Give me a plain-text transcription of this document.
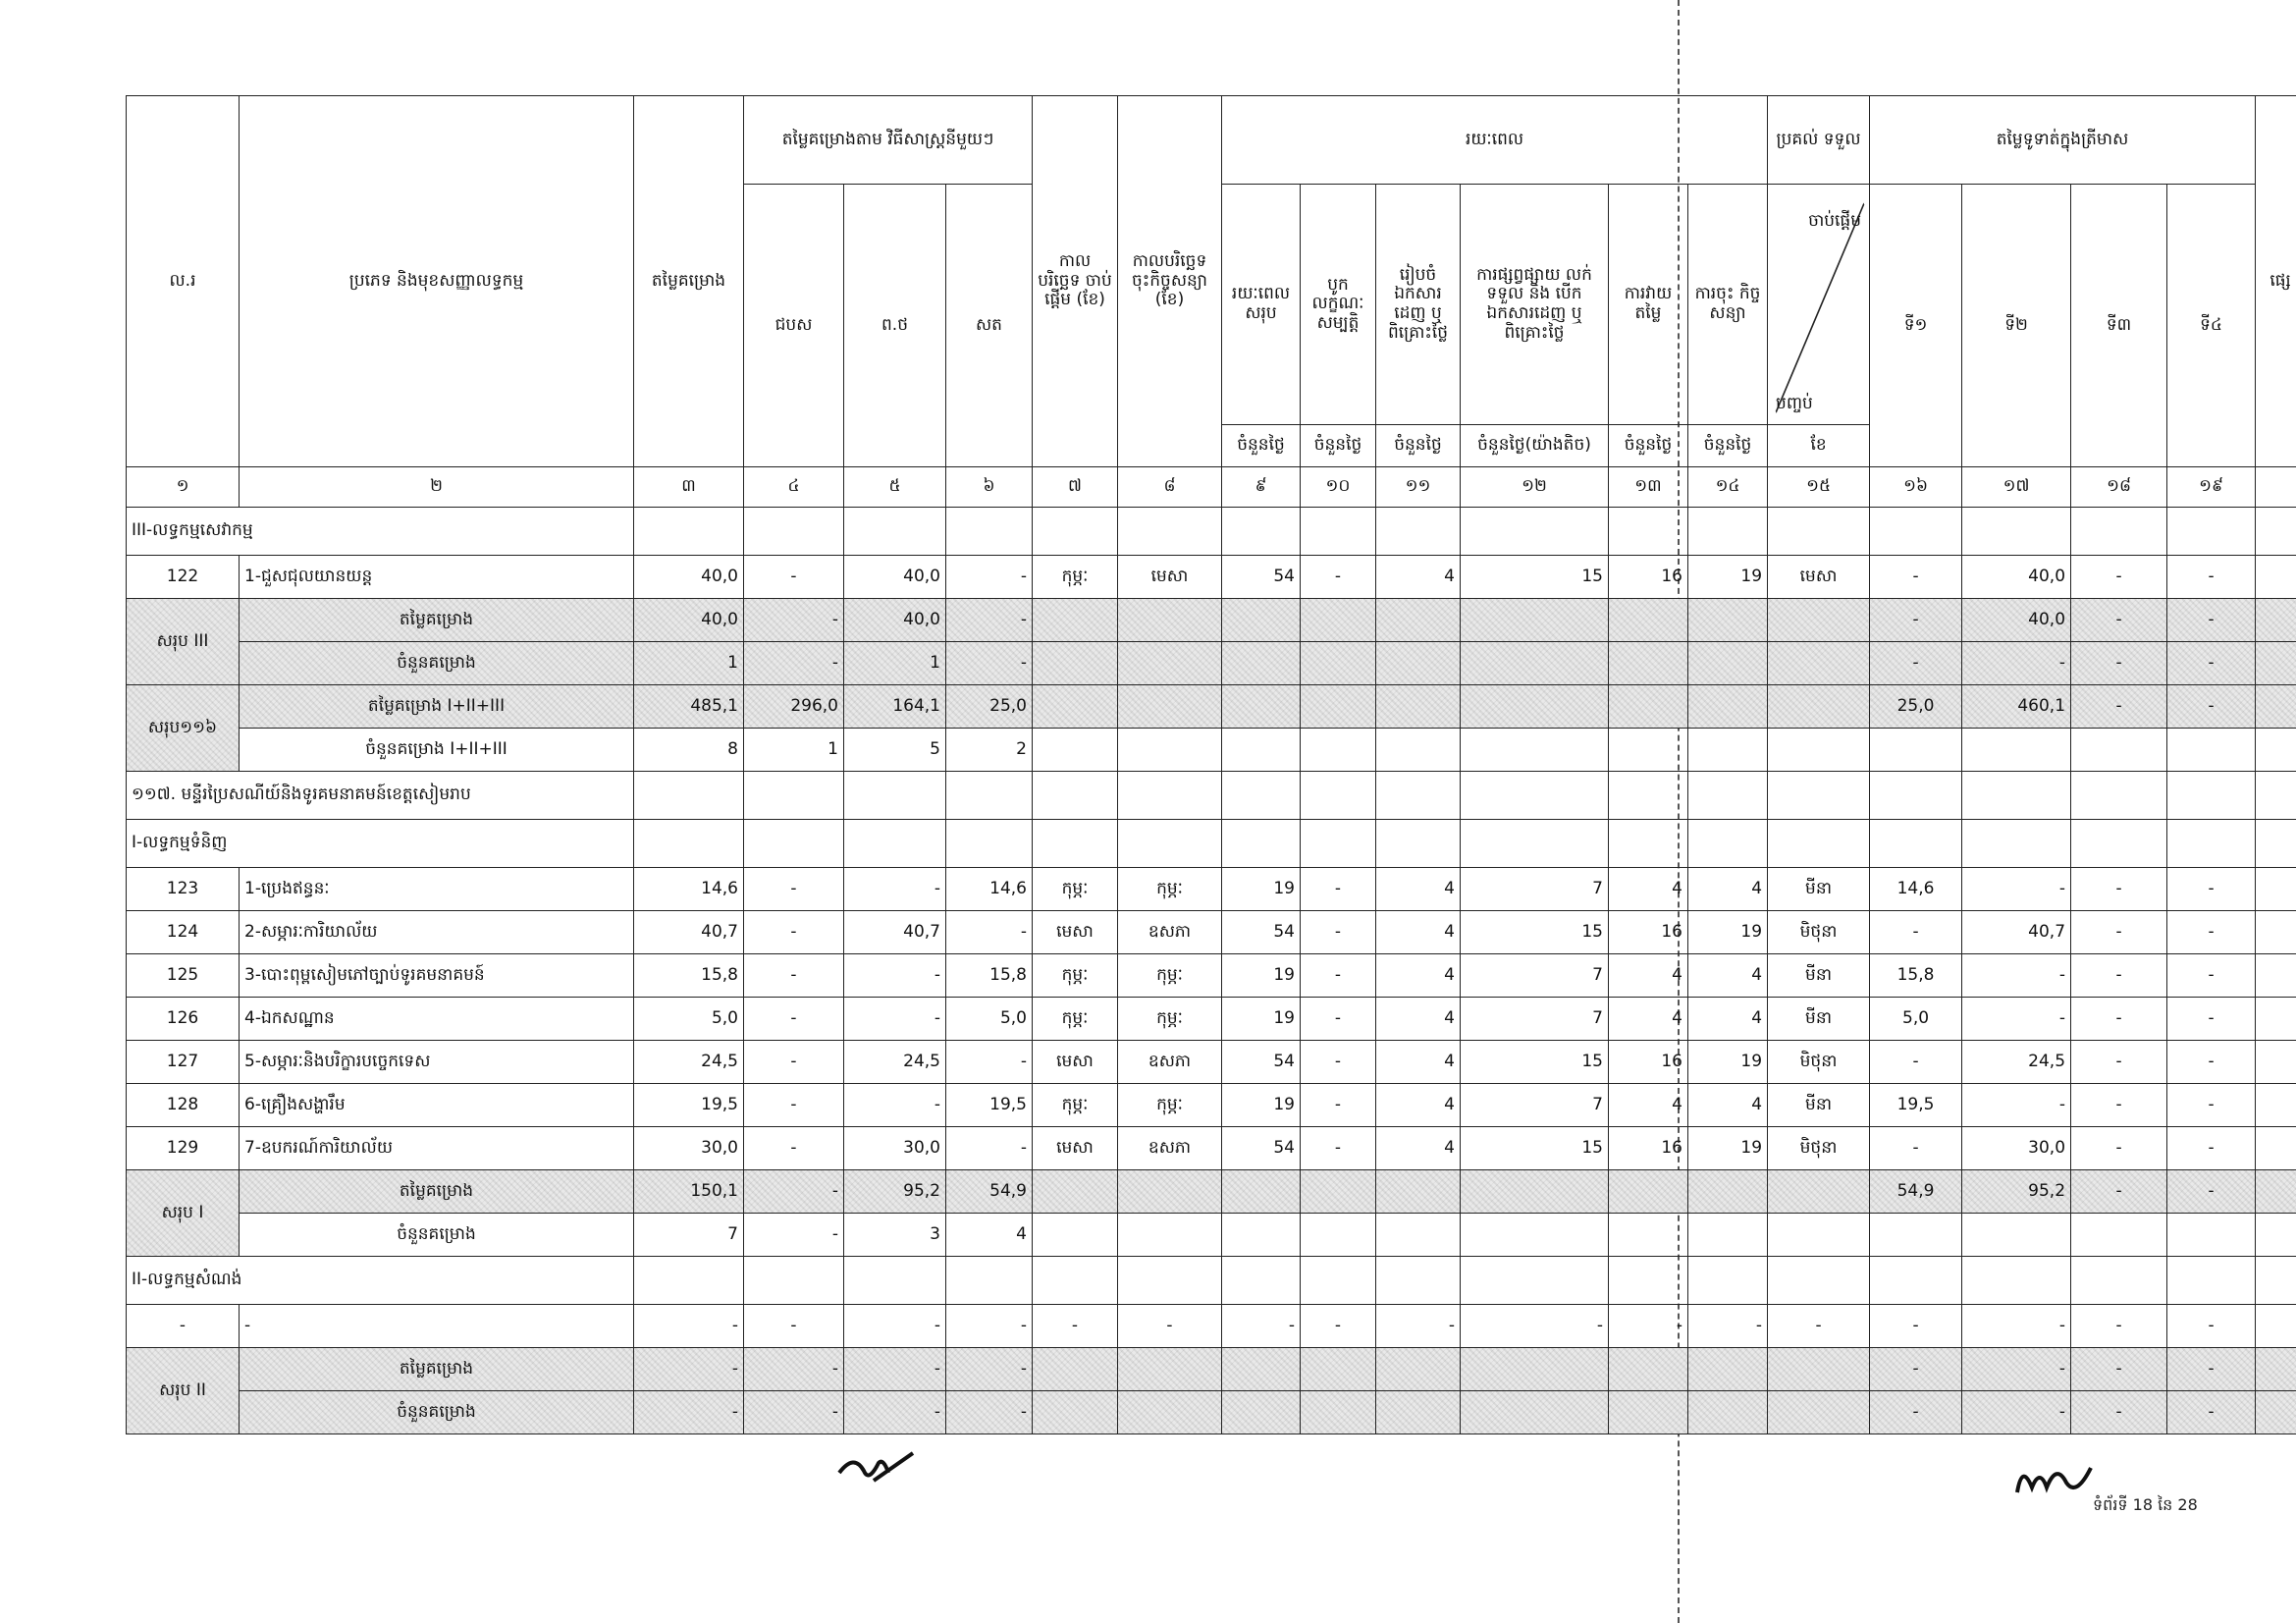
ល.រ	ប្រភេទ និងមុខសញ្ញាលទ្ធកម្ម	តម្លៃគម្រោង	តម្លៃគម្រោងតាម វិធីសាស្ត្រនីមួយៗ			កាល បរិច្ឆេទ ចាប់ផ្តើម (ខែ)	កាលបរិច្ឆេទ ចុះកិច្ចសន្យា (ខែ)	រយៈពេល						ប្រគល់ ទទួល	តម្លៃទូទាត់ក្នុងត្រីមាស				ផ្សេ
			ជបស	ព.ថ	សត			រយៈពេល សរុប	បូក លក្ខណៈ សម្បត្តិ	រៀបចំ ឯកសារ ដេញ ឬ ពិគ្រោះថ្លៃ	ការផ្សព្វផ្សាយ លក់ ទទួល និង បើកឯកសារដេញ ឬ ពិគ្រោះថ្លៃ	ការវាយ តម្លៃ	ការចុះ កិច្ចសន្យា	ចាប់ផ្តើម
បញ្ចប់	ទី១	ទី២	ទី៣	ទី៤	
								ចំនួនថ្ងៃ	ចំនួនថ្ងៃ	ចំនួនថ្ងៃ	ចំនួនថ្ងៃ(យ៉ាងតិច)	ចំនួនថ្ងៃ	ចំនួនថ្ងៃ	ខែ					
១	២	៣	៤	៥	៦	៧	៨	៩	១០	១១	១២	១៣	១៤	១៥	១៦	១៧	១៨	១៩	
III-លទ្ធកម្មសេវាកម្ម																			
122	1-ជួសជុលយានយន្ត	40,0	-	40,0	-	កុម្ភៈ	មេសា	54	-	4	15	16	19	មេសា	-	40,0	-	-	
សរុប III	តម្លៃគម្រោង	40,0	-	40,0	-										-	40,0	-	-	
	ចំនួនគម្រោង	1	-	1	-										-	-	-	-	
សរុប១១៦	តម្លៃគម្រោង I+II+III	485,1	296,0	164,1	25,0										25,0	460,1	-	-	
	ចំនួនគម្រោង I+II+III	8	1	5	2														
១១៧. មន្ទីរប្រៃសណីយ៍និងទូរគមនាគមន៍ខេត្តសៀមរាប																			
I-លទ្ធកម្មទំនិញ																			
123	1-ប្រេងឥន្ធនៈ	14,6	-	-	14,6	កុម្ភៈ	កុម្ភៈ	19	-	4	7	4	4	មីនា	14,6	-	-	-	
124	2-សម្ភារៈការិយាល័យ	40,7	-	40,7	-	មេសា	ឧសភា	54	-	4	15	16	19	មិថុនា	-	40,7	-	-	
125	3-បោះពុម្ពសៀមភៅច្បាប់ទូរគមនាគមន៍	15,8	-	-	15,8	កុម្ភៈ	កុម្ភៈ	19	-	4	7	4	4	មីនា	15,8	-	-	-	
126	4-ឯកសណ្ឋាន	5,0	-	-	5,0	កុម្ភៈ	កុម្ភៈ	19	-	4	7	4	4	មីនា	5,0	-	-	-	
127	5-សម្ភារៈនិងបរិក្ខារបច្ចេកទេស	24,5	-	24,5	-	មេសា	ឧសភា	54	-	4	15	16	19	មិថុនា	-	24,5	-	-	
128	6-គ្រឿងសង្ហារឹម	19,5	-	-	19,5	កុម្ភៈ	កុម្ភៈ	19	-	4	7	4	4	មីនា	19,5	-	-	-	
129	7-ឧបករណ៍ការិយាល័យ	30,0	-	30,0	-	មេសា	ឧសភា	54	-	4	15	16	19	មិថុនា	-	30,0	-	-	
សរុប I	តម្លៃគម្រោង	150,1	-	95,2	54,9										54,9	95,2	-	-	
	ចំនួនគម្រោង	7	-	3	4														
II-លទ្ធកម្មសំណង់																			
-	-	-	-	-	-	-	-	-	-	-	-	-	-	-	-	-	-	-	
សរុប II	តម្លៃគម្រោង	-	-	-	-										-	-	-	-	
	ចំនួនគម្រោង	-	-	-	-										-	-	-	-	
ទំព័រទី 18 នៃ 28
